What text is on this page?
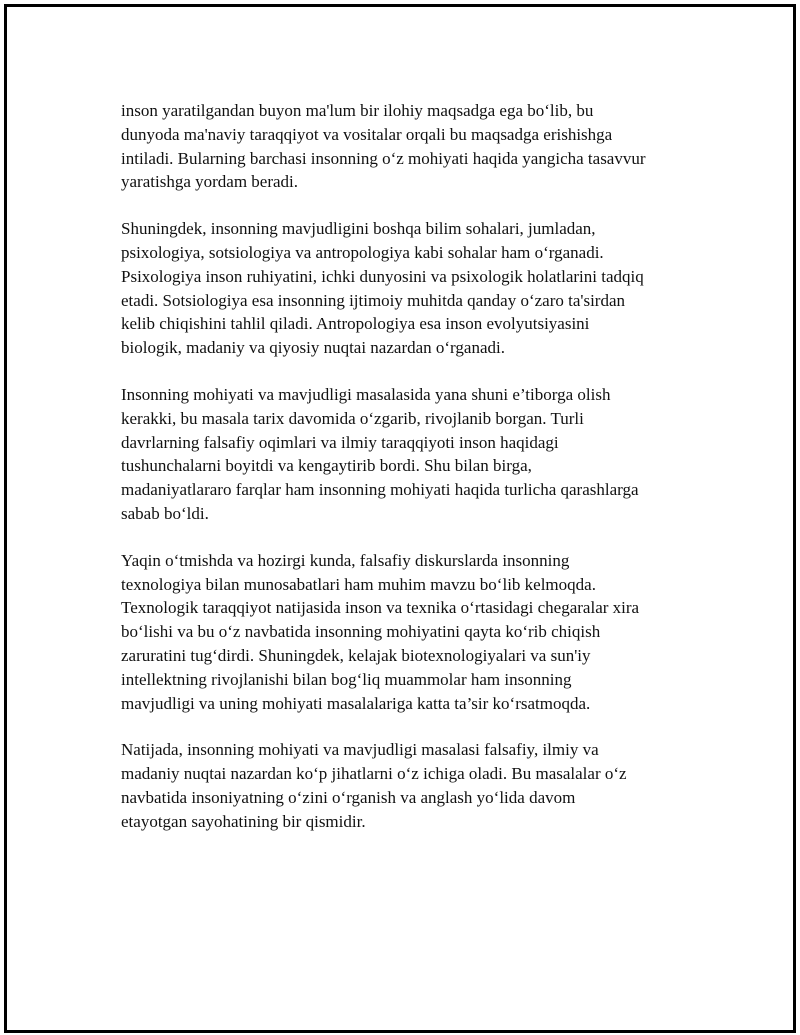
inson yaratilgandan buyon ma'lum bir ilohiy maqsadga ega bo‘lib, bu
dunyoda ma'naviy taraqqiyot va vositalar orqali bu maqsadga erishishga
intiladi. Bularning barchasi insonning o‘z mohiyati haqida yangicha tasavvur
yaratishga yordam beradi.

Shuningdek, insonning mavjudligini boshqa bilim sohalari, jumladan,
psixologiya, sotsiologiya va antropologiya kabi sohalar ham o‘rganadi.
Psixologiya inson ruhiyatini, ichki dunyosini va psixologik holatlarini tadqiq
etadi. Sotsiologiya esa insonning ijtimoiy muhitda qanday o‘zaro ta'sirdan
kelib chiqishini tahlil qiladi. Antropologiya esa inson evolyutsiyasini
biologik, madaniy va qiyosiy nuqtai nazardan o‘rganadi.

Insonning mohiyati va mavjudligi masalasida yana shuni e’tiborga olish
kerakki, bu masala tarix davomida o‘zgarib, rivojlanib borgan. Turli
davrlarning falsafiy oqimlari va ilmiy taraqqiyoti inson haqidagi
tushunchalarni boyitdi va kengaytirib bordi. Shu bilan birga,
madaniyatlararo farqlar ham insonning mohiyati haqida turlicha qarashlarga
sabab bo‘ldi.

Yaqin o‘tmishda va hozirgi kunda, falsafiy diskurslarda insonning
texnologiya bilan munosabatlari ham muhim mavzu bo‘lib kelmoqda.
Texnologik taraqqiyot natijasida inson va texnika o‘rtasidagi chegaralar xira
bo‘lishi va bu o‘z navbatida insonning mohiyatini qayta ko‘rib chiqish
zaruratini tug‘dirdi. Shuningdek, kelajak biotexnologiyalari va sun'iy
intellektning rivojlanishi bilan bog‘liq muammolar ham insonning
mavjudligi va uning mohiyati masalalariga katta ta’sir ko‘rsatmoqda.

Natijada, insonning mohiyati va mavjudligi masalasi falsafiy, ilmiy va
madaniy nuqtai nazardan ko‘p jihatlarni o‘z ichiga oladi. Bu masalalar o‘z
navbatida insoniyatning o‘zini o‘rganish va anglash yo‘lida davom
etayotgan sayohatining bir qismidir.
